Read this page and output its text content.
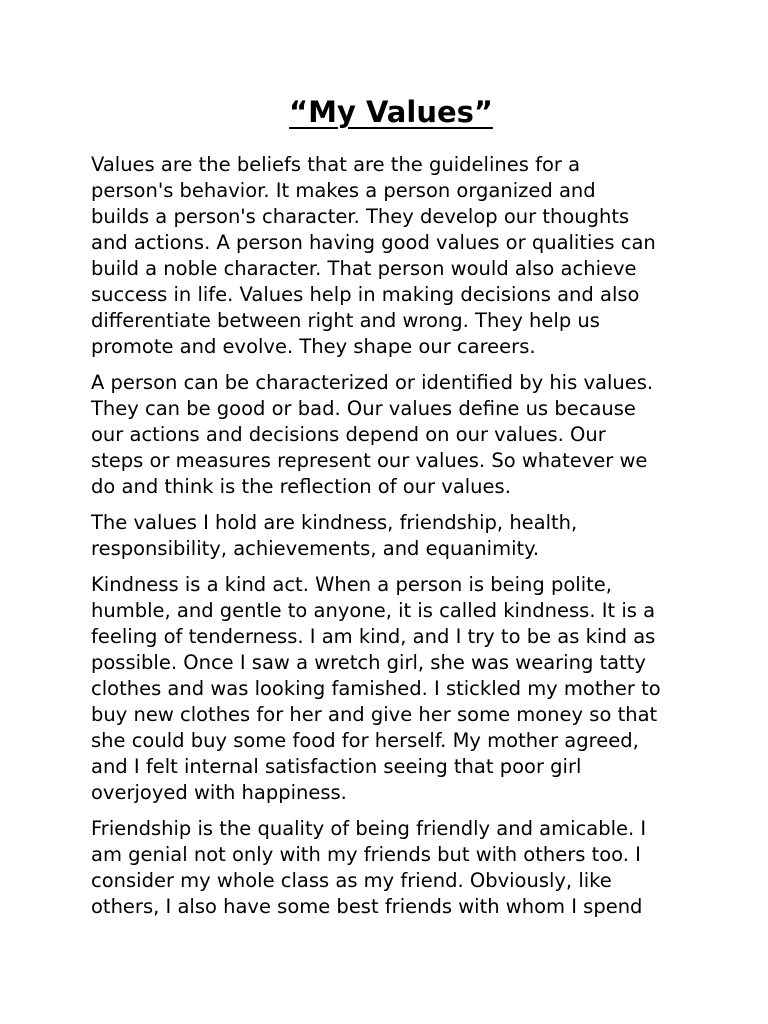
“My Values”

Values are the beliefs that are the guidelines for a
person's behavior. It makes a person organized and
builds a person's character. They develop our thoughts
and actions. A person having good values or qualities can
build a noble character. That person would also achieve
success in life. Values help in making decisions and also
differentiate between right and wrong. They help us
promote and evolve. They shape our careers.

A person can be characterized or identified by his values.
They can be good or bad. Our values define us because
our actions and decisions depend on our values. Our
steps or measures represent our values. So whatever we
do and think is the reflection of our values.

The values I hold are kindness, friendship, health,
responsibility, achievements, and equanimity.

Kindness is a kind act. When a person is being polite,
humble, and gentle to anyone, it is called kindness. It is a
feeling of tenderness. I am kind, and I try to be as kind as
possible. Once I saw a wretch girl, she was wearing tatty
clothes and was looking famished. I stickled my mother to
buy new clothes for her and give her some money so that
she could buy some food for herself. My mother agreed,
and I felt internal satisfaction seeing that poor girl
overjoyed with happiness.

Friendship is the quality of being friendly and amicable. I
am genial not only with my friends but with others too. I
consider my whole class as my friend. Obviously, like
others, I also have some best friends with whom I spend
